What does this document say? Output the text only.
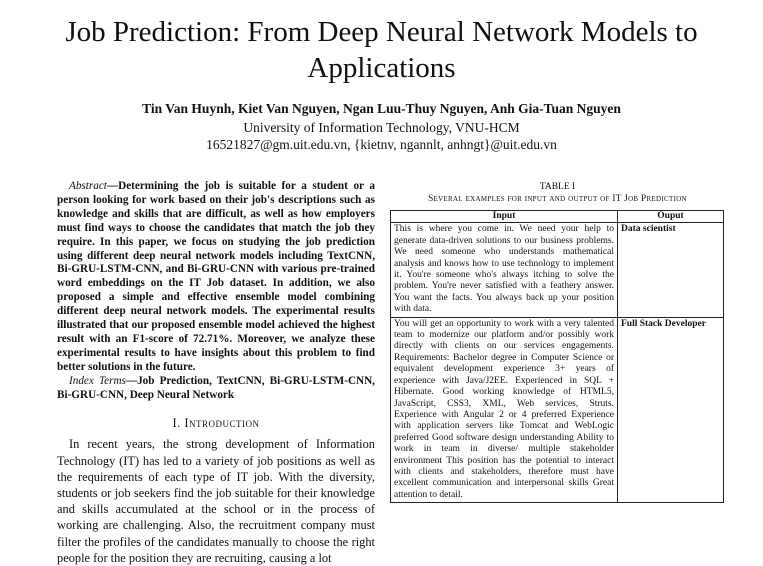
Job Prediction: From Deep Neural Network Models to Applications

Tin Van Huynh, Kiet Van Nguyen, Ngan Luu-Thuy Nguyen, Anh Gia-Tuan Nguyen

University of Information Technology, VNU-HCM

16521827@gm.uit.edu.vn, {kietnv, ngannlt, anhngt}@uit.edu.vn

Abstract—Determining the job is suitable for a student or a person looking for work based on their job's descriptions such as knowledge and skills that are difficult, as well as how employers must find ways to choose the candidates that match the job they require. In this paper, we focus on studying the job prediction using different deep neural network models including TextCNN, Bi-GRU-LSTM-CNN, and Bi-GRU-CNN with various pre-trained word embeddings on the IT Job dataset. In addition, we also proposed a simple and effective ensemble model combining different deep neural network models. The experimental results illustrated that our proposed ensemble model achieved the highest result with an F1-score of 72.71%. Moreover, we analyze these experimental results to have insights about this problem to find better solutions in the future.

Index Terms—Job Prediction, TextCNN, Bi-GRU-LSTM-CNN, Bi-GRU-CNN, Deep Neural Network

I. Introduction

In recent years, the strong development of Information Technology (IT) has led to a variety of job positions as well as the requirements of each type of IT job. With the diversity, students or job seekers find the job suitable for their knowledge and skills accumulated at the school or in the process of working are challenging. Also, the recruitment company must filter the profiles of the candidates manually to choose the right people for the position they are recruiting, causing a lot

TABLE I

Several examples for input and output of IT Job Prediction

Input	Ouput
This is where you come in. We need your help to generate data-driven solutions to our business problems. We need someone who understands mathematical analysis and knows how to use technology to implement it. You're someone who's always itching to solve the problem. You're never satisfied with a feathery answer. You want the facts. You always back up your position with data.	Data scientist
You will get an opportunity to work with a very talented team to modernize our platform and/or possibly work directly with clients on our services engagements. Requirements: Bachelor degree in Computer Science or equivalent development experience 3+ years of experience with Java/J2EE. Experienced in SQL + Hibernate. Good working knowledge of HTML5, JavaScript, CSS3, XML, Web services, Struts. Experience with Angular 2 or 4 preferred Experience with application servers like Tomcat and WebLogic preferred Good software design understanding Ability to work in team in diverse/ multiple stakeholder environment This position has the potential to interact with clients and stakeholders, therefore must have excellent communication and interpersonal skills Great attention to detail.	Full Stack Developer
